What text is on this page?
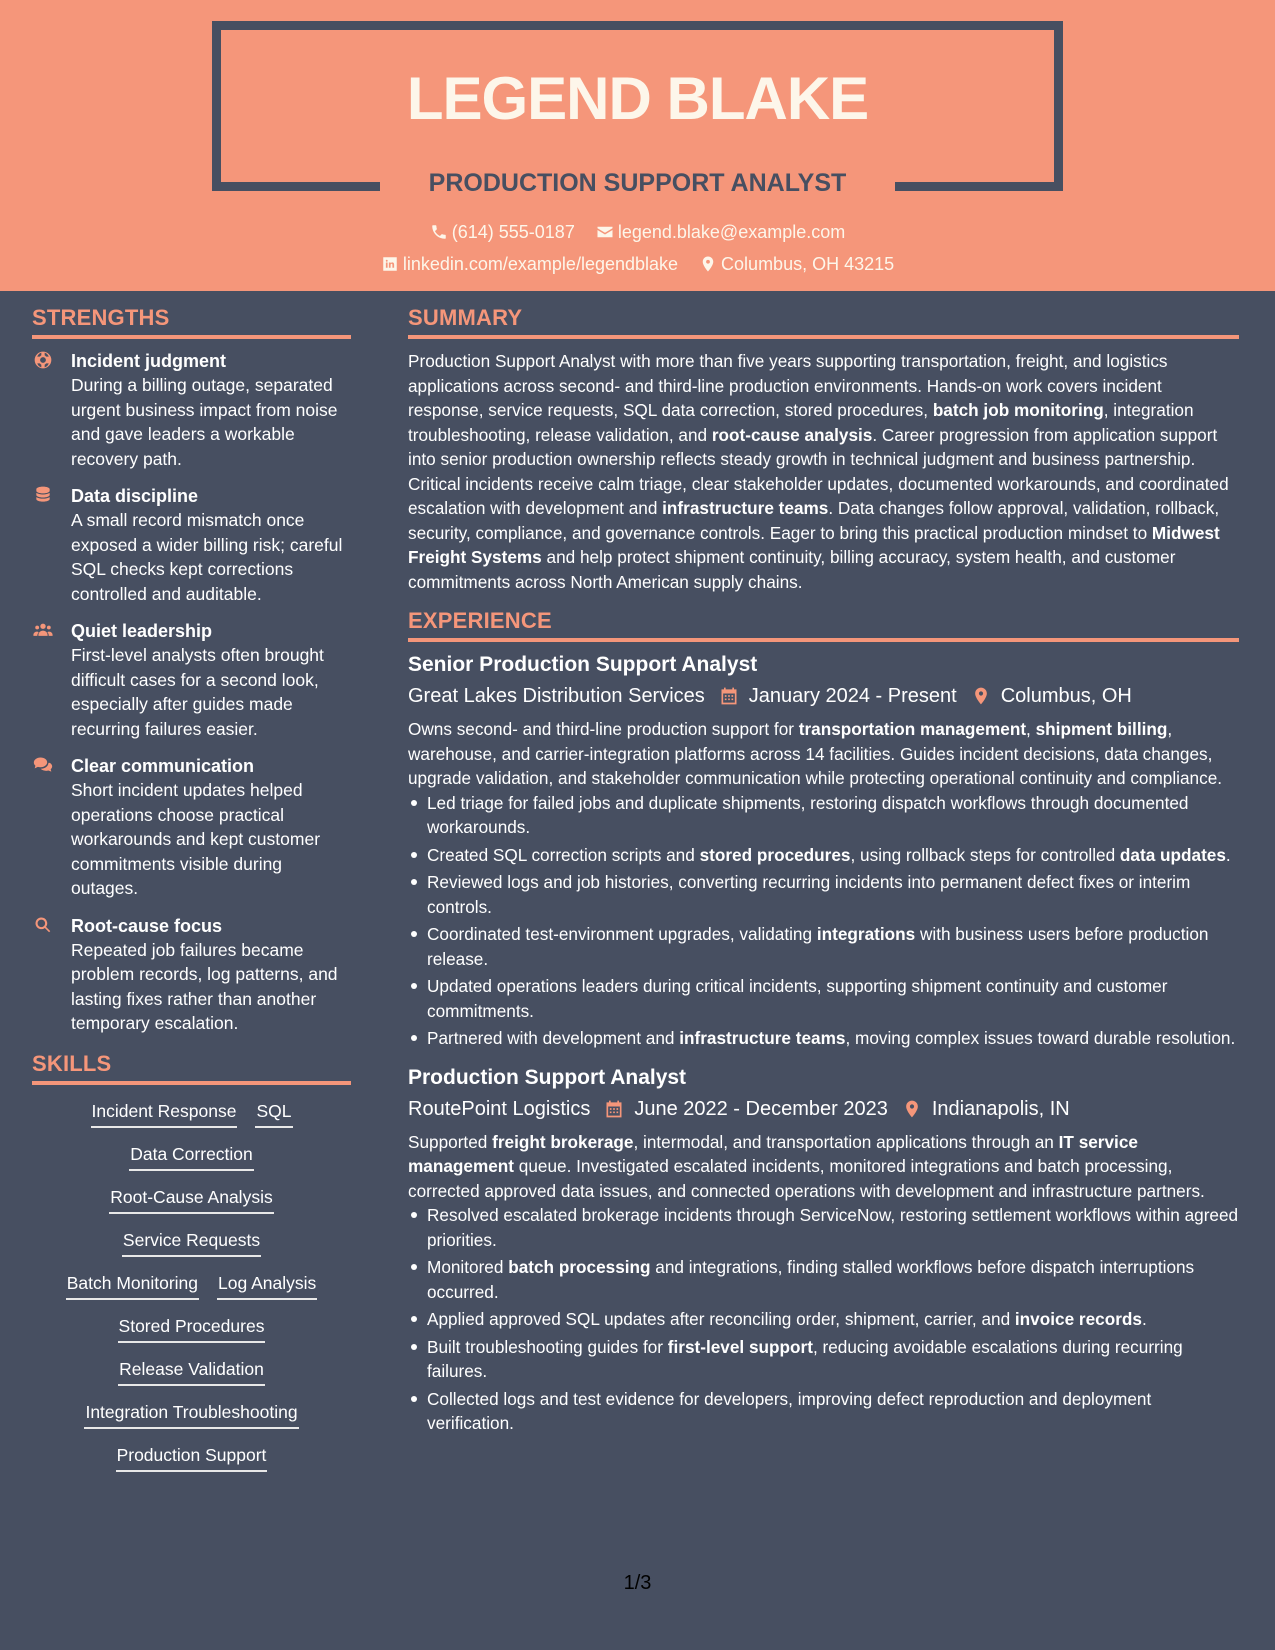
LEGEND BLAKE
PRODUCTION SUPPORT ANALYST
(614) 555-0187
legend.blake@example.com
linkedin.com/example/legendblake
Columbus, OH 43215
STRENGTHS
Incident judgment

During a billing outage, separated urgent business impact from noise and gave leaders a workable recovery path.

Data discipline

A small record mismatch once exposed a wider billing risk; careful SQL checks kept corrections controlled and auditable.

Quiet leadership

First-level analysts often brought difficult cases for a second look, especially after guides made recurring failures easier.

Clear communication

Short incident updates helped operations choose practical workarounds and kept customer commitments visible during outages.

Root-cause focus

Repeated job failures became problem records, log patterns, and lasting fixes rather than another temporary escalation.

SKILLS
Incident Response SQL
Data Correction
Root-Cause Analysis
Service Requests
Batch Monitoring Log Analysis
Stored Procedures
Release Validation
Integration Troubleshooting
Production Support
SUMMARY

Production Support Analyst with more than five years supporting transportation, freight, and logistics applications across second- and third-line production environments. Hands-on work covers incident response, service requests, SQL data correction, stored procedures, batch job monitoring, integration troubleshooting, release validation, and root-cause analysis. Career progression from application support into senior production ownership reflects steady growth in technical judgment and business partnership. Critical incidents receive calm triage, clear stakeholder updates, documented workarounds, and coordinated escalation with development and infrastructure teams. Data changes follow approval, validation, rollback, security, compliance, and governance controls. Eager to bring this practical production mindset to Midwest Freight Systems and help protect shipment continuity, billing accuracy, system health, and customer commitments across North American supply chains.

EXPERIENCE
Senior Production Support Analyst
Great Lakes Distribution Services January 2024 - Present Columbus, OH

Owns second- and third-line production support for transportation management, shipment billing, warehouse, and carrier-integration platforms across 14 facilities. Guides incident decisions, data changes, upgrade validation, and stakeholder communication while protecting operational continuity and compliance.

Led triage for failed jobs and duplicate shipments, restoring dispatch workflows through documented workarounds.
Created SQL correction scripts and stored procedures, using rollback steps for controlled data updates.
Reviewed logs and job histories, converting recurring incidents into permanent defect fixes or interim controls.
Coordinated test-environment upgrades, validating integrations with business users before production release.
Updated operations leaders during critical incidents, supporting shipment continuity and customer commitments.
Partnered with development and infrastructure teams, moving complex issues toward durable resolution.
Production Support Analyst
RoutePoint Logistics June 2022 - December 2023 Indianapolis, IN

Supported freight brokerage, intermodal, and transportation applications through an IT service management queue. Investigated escalated incidents, monitored integrations and batch processing, corrected approved data issues, and connected operations with development and infrastructure partners.

Resolved escalated brokerage incidents through ServiceNow, restoring settlement workflows within agreed priorities.
Monitored batch processing and integrations, finding stalled workflows before dispatch interruptions occurred.
Applied approved SQL updates after reconciling order, shipment, carrier, and invoice records.
Built troubleshooting guides for first-level support, reducing avoidable escalations during recurring failures.
Collected logs and test evidence for developers, improving defect reproduction and deployment verification.
1/3
